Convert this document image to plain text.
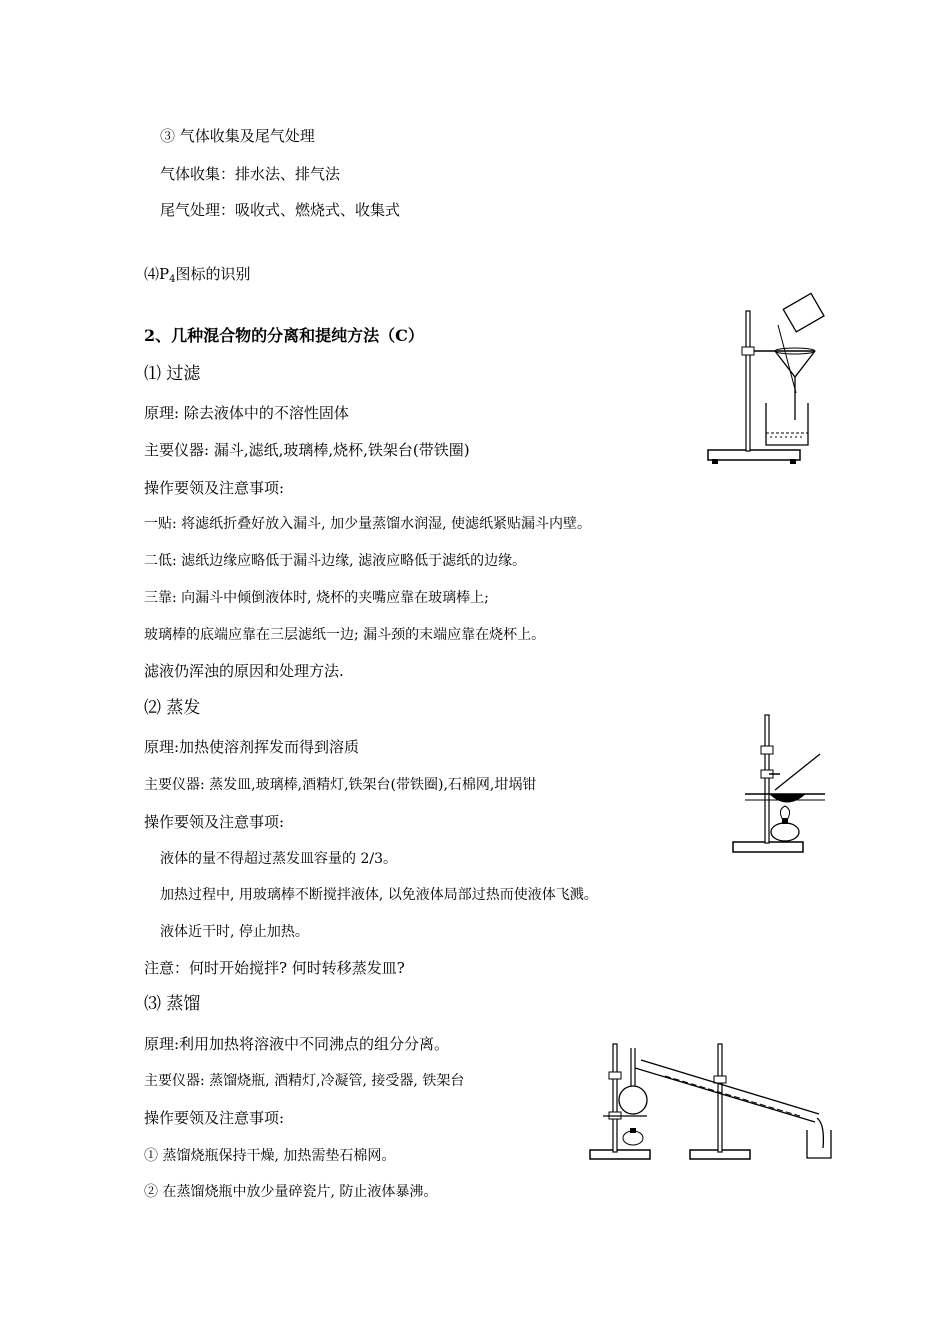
③ 气体收集及尾气处理
气体收集：排水法、排气法
尾气处理：吸收式、燃烧式、收集式
$⑷P_4$图标的识别
2、几种混合物的分离和提纯方法（C）
⑴ 过滤
原理: 除去液体中的不溶性固体
主要仪器: 漏斗,滤纸,玻璃棒,烧杯,铁架台(带铁圈)
操作要领及注意事项:
一贴: 将滤纸折叠好放入漏斗, 加少量蒸馏水润湿, 使滤纸紧贴漏斗内壁。
二低: 滤纸边缘应略低于漏斗边缘, 滤液应略低于滤纸的边缘。
三靠: 向漏斗中倾倒液体时, 烧杯的夹嘴应靠在玻璃棒上;
玻璃棒的底端应靠在三层滤纸一边; 漏斗颈的末端应靠在烧杯上。
滤液仍浑浊的原因和处理方法.
⑵ 蒸发
原理:加热使溶剂挥发而得到溶质
主要仪器: 蒸发皿,玻璃棒,酒精灯,铁架台(带铁圈),石棉网,坩埚钳
操作要领及注意事项:
液体的量不得超过蒸发皿容量的 2/3。
加热过程中, 用玻璃棒不断搅拌液体, 以免液体局部过热而使液体飞溅。
液体近干时, 停止加热。
注意：何时开始搅拌? 何时转移蒸发皿?
⑶ 蒸馏
原理:利用加热将溶液中不同沸点的组分分离。
主要仪器: 蒸馏烧瓶, 酒精灯,冷凝管, 接受器, 铁架台
操作要领及注意事项:
① 蒸馏烧瓶保持干燥, 加热需垫石棉网。
② 在蒸馏烧瓶中放少量碎瓷片, 防止液体暴沸。
